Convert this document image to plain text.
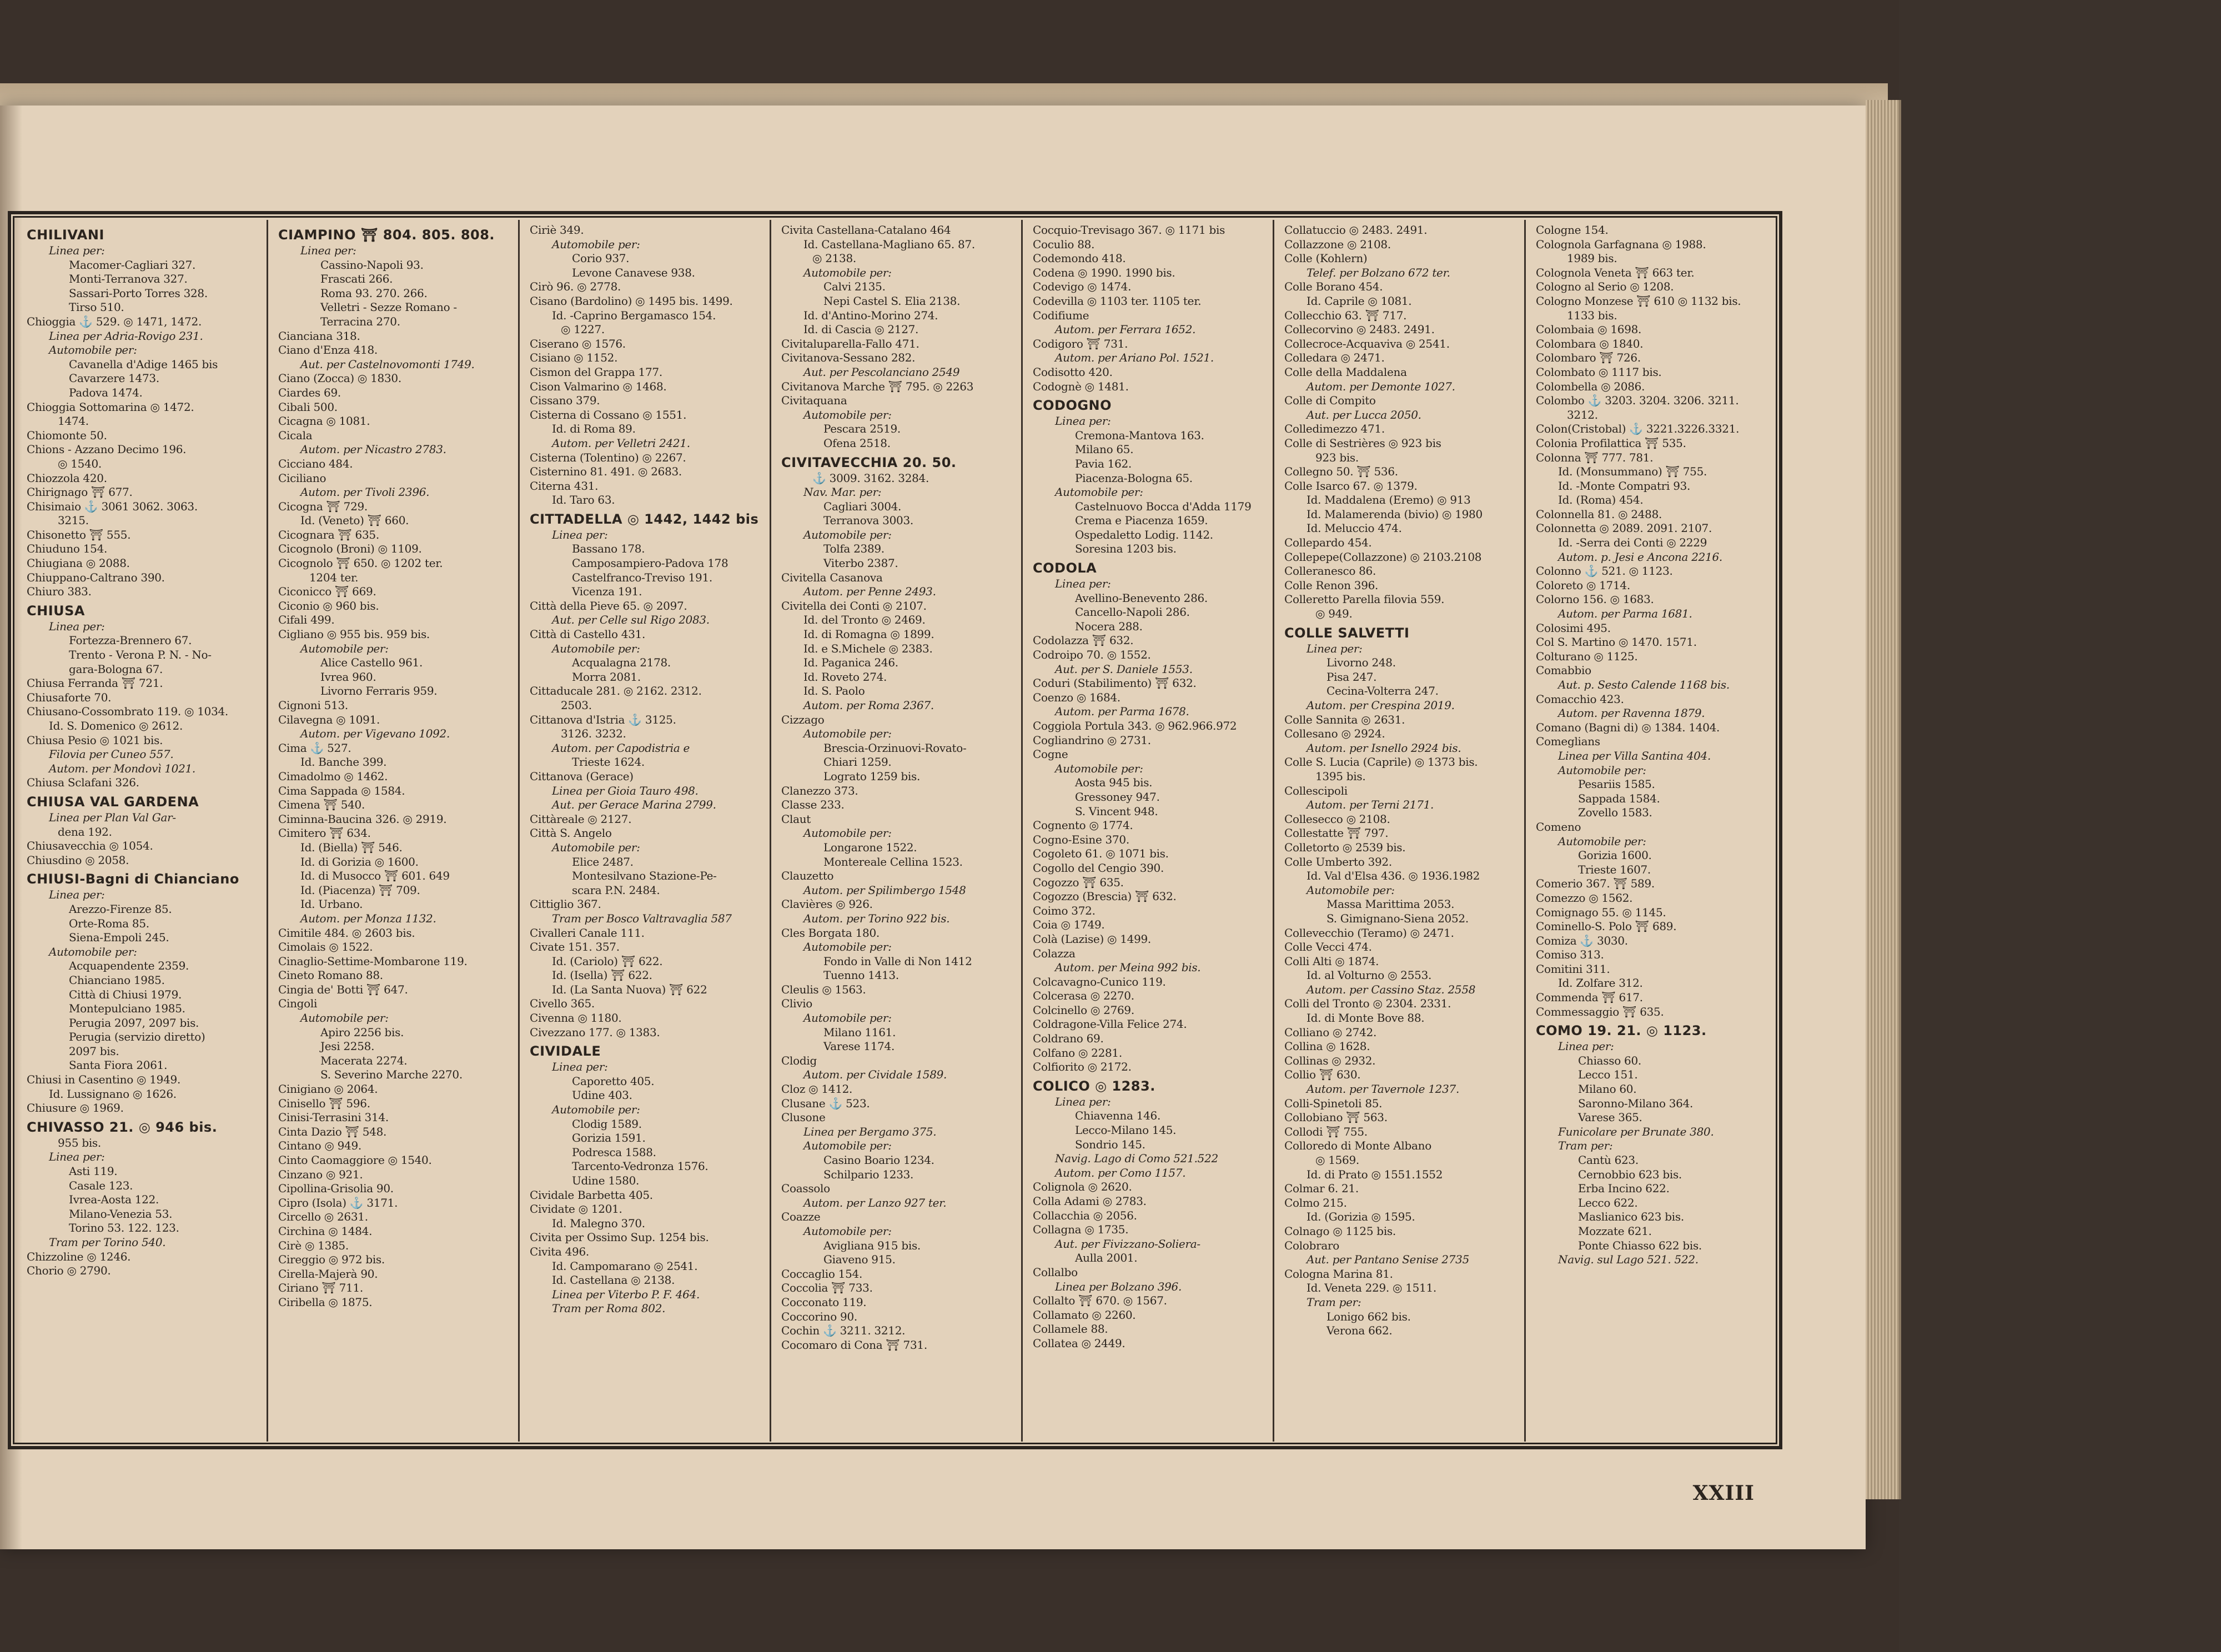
CHILIVANI
Linea per:
Macomer-Cagliari 327.
Monti-Terranova 327.
Sassari-Porto Torres 328.
Tirso 510.
Chioggia ⚓ 529. ◎ 1471, 1472.
Linea per Adria-Rovigo 231.
Automobile per:
Cavanella d'Adige 1465 bis
Cavarzere 1473.
Padova 1474.
Chioggia Sottomarina ◎ 1472.
1474.
Chiomonte 50.
Chions - Azzano Decimo 196.
◎ 1540.
Chiozzola 420.
Chirignago ⛩ 677.
Chisimaio ⚓ 3061 3062. 3063.
3215.
Chisonetto ⛩ 555.
Chiuduno 154.
Chiugiana ◎ 2088.
Chiuppano-Caltrano 390.
Chiuro 383.
CHIUSA
Linea per:
Fortezza-Brennero 67.
Trento - Verona P. N. - No-
gara-Bologna 67.
Chiusa Ferranda ⛩ 721.
Chiusaforte 70.
Chiusano-Cossombrato 119. ◎ 1034.
Id. S. Domenico ◎ 2612.
Chiusa Pesio ◎ 1021 bis.
Filovia per Cuneo 557.
Autom. per Mondovì 1021.
Chiusa Sclafani 326.
CHIUSA VAL GARDENA
Linea per Plan Val Gar-
dena 192.
Chiusavecchia ◎ 1054.
Chiusdino ◎ 2058.
CHIUSI-Bagni di Chianciano
Linea per:
Arezzo-Firenze 85.
Orte-Roma 85.
Siena-Empoli 245.
Automobile per:
Acquapendente 2359.
Chianciano 1985.
Città di Chiusi 1979.
Montepulciano 1985.
Perugia 2097, 2097 bis.
Perugia (servizio diretto)
2097 bis.
Santa Fiora 2061.
Chiusi in Casentino ◎ 1949.
Id. Lussignano ◎ 1626.
Chiusure ◎ 1969.
CHIVASSO 21. ◎ 946 bis.
955 bis.
Linea per:
Asti 119.
Casale 123.
Ivrea-Aosta 122.
Milano-Venezia 53.
Torino 53. 122. 123.
Tram per Torino 540.
Chizzoline ◎ 1246.
Chorio ◎ 2790.
CIAMPINO ⛩ 804. 805. 808.
Linea per:
Cassino-Napoli 93.
Frascati 266.
Roma 93. 270. 266.
Velletri - Sezze Romano -
Terracina 270.
Cianciana 318.
Ciano d'Enza 418.
Aut. per Castelnovomonti 1749.
Ciano (Zocca) ◎ 1830.
Ciardes 69.
Cibali 500.
Cicagna ◎ 1081.
Cicala
Autom. per Nicastro 2783.
Cicciano 484.
Ciciliano
Autom. per Tivoli 2396.
Cicogna ⛩ 729.
Id. (Veneto) ⛩ 660.
Cicognara ⛩ 635.
Cicognolo (Broni) ◎ 1109.
Cicognolo ⛩ 650. ◎ 1202 ter.
1204 ter.
Ciconicco ⛩ 669.
Ciconio ◎ 960 bis.
Cifali 499.
Cigliano ◎ 955 bis. 959 bis.
Automobile per:
Alice Castello 961.
Ivrea 960.
Livorno Ferraris 959.
Cignoni 513.
Cilavegna ◎ 1091.
Autom. per Vigevano 1092.
Cima ⚓ 527.
Id. Banche 399.
Cimadolmo ◎ 1462.
Cima Sappada ◎ 1584.
Cimena ⛩ 540.
Ciminna-Baucina 326. ◎ 2919.
Cimitero ⛩ 634.
Id. (Biella) ⛩ 546.
Id. di Gorizia ◎ 1600.
Id. di Musocco ⛩ 601. 649
Id. (Piacenza) ⛩ 709.
Id. Urbano.
Autom. per Monza 1132.
Cimitile 484. ◎ 2603 bis.
Cimolais ◎ 1522.
Cinaglio-Settime-Mombarone 119.
Cineto Romano 88.
Cingia de' Botti ⛩ 647.
Cingoli
Automobile per:
Apiro 2256 bis.
Jesi 2258.
Macerata 2274.
S. Severino Marche 2270.
Cinigiano ◎ 2064.
Cinisello ⛩ 596.
Cinisi-Terrasini 314.
Cinta Dazio ⛩ 548.
Cintano ◎ 949.
Cinto Caomaggiore ◎ 1540.
Cinzano ◎ 921.
Cipollina-Grisolia 90.
Cipro (Isola) ⚓ 3171.
Circello ◎ 2631.
Circhina ◎ 1484.
Cirè ◎ 1385.
Cireggio ◎ 972 bis.
Cirella-Majerà 90.
Ciriano ⛩ 711.
Ciribella ◎ 1875.
Ciriè 349.
Automobile per:
Corio 937.
Levone Canavese 938.
Cirò 96. ◎ 2778.
Cisano (Bardolino) ◎ 1495 bis. 1499.
Id. -Caprino Bergamasco 154.
◎ 1227.
Ciserano ◎ 1576.
Cisiano ◎ 1152.
Cismon del Grappa 177.
Cison Valmarino ◎ 1468.
Cissano 379.
Cisterna di Cossano ◎ 1551.
Id. di Roma 89.
Autom. per Velletri 2421.
Cisterna (Tolentino) ◎ 2267.
Cisternino 81. 491. ◎ 2683.
Citerna 431.
Id. Taro 63.
CITTADELLA ◎ 1442, 1442 bis
Linea per:
Bassano 178.
Camposampiero-Padova 178
Castelfranco-Treviso 191.
Vicenza 191.
Città della Pieve 65. ◎ 2097.
Aut. per Celle sul Rigo 2083.
Città di Castello 431.
Automobile per:
Acqualagna 2178.
Morra 2081.
Cittaducale 281. ◎ 2162. 2312.
2503.
Cittanova d'Istria ⚓ 3125.
3126. 3232.
Autom. per Capodistria e
Trieste 1624.
Cittanova (Gerace)
Linea per Gioia Tauro 498.
Aut. per Gerace Marina 2799.
Cittàreale ◎ 2127.
Città S. Angelo
Automobile per:
Elice 2487.
Montesilvano Stazione-Pe-
scara P.N. 2484.
Cittiglio 367.
Tram per Bosco Valtravaglia 587
Civalleri Canale 111.
Civate 151. 357.
Id. (Cariolo) ⛩ 622.
Id. (Isella) ⛩ 622.
Id. (La Santa Nuova) ⛩ 622
Civello 365.
Civenna ◎ 1180.
Civezzano 177. ◎ 1383.
CIVIDALE
Linea per:
Caporetto 405.
Udine 403.
Automobile per:
Clodig 1589.
Gorizia 1591.
Podresca 1588.
Tarcento-Vedronza 1576.
Udine 1580.
Cividale Barbetta 405.
Cividate ◎ 1201.
Id. Malegno 370.
Civita per Ossimo Sup. 1254 bis.
Civita 496.
Id. Campomarano ◎ 2541.
Id. Castellana ◎ 2138.
Linea per Viterbo P. F. 464.
Tram per Roma 802.
Civita Castellana-Catalano 464
Id. Castellana-Magliano 65. 87.
◎ 2138.
Automobile per:
Calvi 2135.
Nepi Castel S. Elia 2138.
Id. d'Antino-Morino 274.
Id. di Cascia ◎ 2127.
Civitaluparella-Fallo 471.
Civitanova-Sessano 282.
Aut. per Pescolanciano 2549
Civitanova Marche ⛩ 795. ◎ 2263
Civitaquana
Automobile per:
Pescara 2519.
Ofena 2518.
CIVITAVECCHIA 20. 50.
⚓ 3009. 3162. 3284.
Nav. Mar. per:
Cagliari 3004.
Terranova 3003.
Automobile per:
Tolfa 2389.
Viterbo 2387.
Civitella Casanova
Autom. per Penne 2493.
Civitella dei Conti ◎ 2107.
Id. del Tronto ◎ 2469.
Id. di Romagna ◎ 1899.
Id. e S.Michele ◎ 2383.
Id. Paganica 246.
Id. Roveto 274.
Id. S. Paolo
Autom. per Roma 2367.
Cizzago
Automobile per:
Brescia-Orzinuovi-Rovato-
Chiari 1259.
Lograto 1259 bis.
Clanezzo 373.
Classe 233.
Claut
Automobile per:
Longarone 1522.
Montereale Cellina 1523.
Clauzetto
Autom. per Spilimbergo 1548
Clavières ◎ 926.
Autom. per Torino 922 bis.
Cles Borgata 180.
Automobile per:
Fondo in Valle di Non 1412
Tuenno 1413.
Cleulis ◎ 1563.
Clivio
Automobile per:
Milano 1161.
Varese 1174.
Clodig
Autom. per Cividale 1589.
Cloz ◎ 1412.
Clusane ⚓ 523.
Clusone
Linea per Bergamo 375.
Automobile per:
Casino Boario 1234.
Schilpario 1233.
Coassolo
Autom. per Lanzo 927 ter.
Coazze
Automobile per:
Avigliana 915 bis.
Giaveno 915.
Coccaglio 154.
Coccolia ⛩ 733.
Cocconato 119.
Coccorino 90.
Cochin ⚓ 3211. 3212.
Cocomaro di Cona ⛩ 731.
Cocquio-Trevisago 367. ◎ 1171 bis
Coculio 88.
Codemondo 418.
Codena ◎ 1990. 1990 bis.
Codevigo ◎ 1474.
Codevilla ◎ 1103 ter. 1105 ter.
Codifiume
Autom. per Ferrara 1652.
Codigoro ⛩ 731.
Autom. per Ariano Pol. 1521.
Codisotto 420.
Codognè ◎ 1481.
CODOGNO
Linea per:
Cremona-Mantova 163.
Milano 65.
Pavia 162.
Piacenza-Bologna 65.
Automobile per:
Castelnuovo Bocca d'Adda 1179
Crema e Piacenza 1659.
Ospedaletto Lodig. 1142.
Soresina 1203 bis.
CODOLA
Linea per:
Avellino-Benevento 286.
Cancello-Napoli 286.
Nocera 288.
Codolazza ⛩ 632.
Codroipo 70. ◎ 1552.
Aut. per S. Daniele 1553.
Coduri (Stabilimento) ⛩ 632.
Coenzo ◎ 1684.
Autom. per Parma 1678.
Coggiola Portula 343. ◎ 962.966.972
Cogliandrino ◎ 2731.
Cogne
Automobile per:
Aosta 945 bis.
Gressoney 947.
S. Vincent 948.
Cognento ◎ 1774.
Cogno-Esine 370.
Cogoleto 61. ◎ 1071 bis.
Cogollo del Cengio 390.
Cogozzo ⛩ 635.
Cogozzo (Brescia) ⛩ 632.
Coimo 372.
Coia ◎ 1749.
Colà (Lazise) ◎ 1499.
Colazza
Autom. per Meina 992 bis.
Colcavagno-Cunico 119.
Colcerasa ◎ 2270.
Colcinello ◎ 2769.
Coldragone-Villa Felice 274.
Coldrano 69.
Colfano ◎ 2281.
Colfiorito ◎ 2172.
COLICO ◎ 1283.
Linea per:
Chiavenna 146.
Lecco-Milano 145.
Sondrio 145.
Navig. Lago di Como 521.522
Autom. per Como 1157.
Colignola ◎ 2620.
Colla Adami ◎ 2783.
Collacchia ◎ 2056.
Collagna ◎ 1735.
Aut. per Fivizzano-Soliera-
Aulla 2001.
Collalbo
Linea per Bolzano 396.
Collalto ⛩ 670. ◎ 1567.
Collamato ◎ 2260.
Collamele 88.
Collatea ◎ 2449.
Collatuccio ◎ 2483. 2491.
Collazzone ◎ 2108.
Colle (Kohlern)
Telef. per Bolzano 672 ter.
Colle Borano 454.
Id. Caprile ◎ 1081.
Collecchio 63. ⛩ 717.
Collecorvino ◎ 2483. 2491.
Collecroce-Acquaviva ◎ 2541.
Colledara ◎ 2471.
Colle della Maddalena
Autom. per Demonte 1027.
Colle di Compito
Aut. per Lucca 2050.
Colledimezzo 471.
Colle di Sestrières ◎ 923 bis
923 bis.
Collegno 50. ⛩ 536.
Colle Isarco 67. ◎ 1379.
Id. Maddalena (Eremo) ◎ 913
Id. Malamerenda (bivio) ◎ 1980
Id. Meluccio 474.
Collepardo 454.
Collepepe(Collazzone) ◎ 2103.2108
Colleranesco 86.
Colle Renon 396.
Colleretto Parella filovia 559.
◎ 949.
COLLE SALVETTI
Linea per:
Livorno 248.
Pisa 247.
Cecina-Volterra 247.
Autom. per Crespina 2019.
Colle Sannita ◎ 2631.
Collesano ◎ 2924.
Autom. per Isnello 2924 bis.
Colle S. Lucia (Caprile) ◎ 1373 bis.
1395 bis.
Collescipoli
Autom. per Terni 2171.
Collesecco ◎ 2108.
Collestatte ⛩ 797.
Colletorto ◎ 2539 bis.
Colle Umberto 392.
Id. Val d'Elsa 436. ◎ 1936.1982
Automobile per:
Massa Marittima 2053.
S. Gimignano-Siena 2052.
Collevecchio (Teramo) ◎ 2471.
Colle Vecci 474.
Colli Alti ◎ 1874.
Id. al Volturno ◎ 2553.
Autom. per Cassino Staz. 2558
Colli del Tronto ◎ 2304. 2331.
Id. di Monte Bove 88.
Colliano ◎ 2742.
Collina ◎ 1628.
Collinas ◎ 2932.
Collio ⛩ 630.
Autom. per Tavernole 1237.
Colli-Spinetoli 85.
Collobiano ⛩ 563.
Collodi ⛩ 755.
Colloredo di Monte Albano
◎ 1569.
Id. di Prato ◎ 1551.1552
Colmar 6. 21.
Colmo 215.
Id. (Gorizia ◎ 1595.
Colnago ◎ 1125 bis.
Colobraro
Aut. per Pantano Senise 2735
Cologna Marina 81.
Id. Veneta 229. ◎ 1511.
Tram per:
Lonigo 662 bis.
Verona 662.
Cologne 154.
Colognola Garfagnana ◎ 1988.
1989 bis.
Colognola Veneta ⛩ 663 ter.
Cologno al Serio ◎ 1208.
Cologno Monzese ⛩ 610 ◎ 1132 bis.
1133 bis.
Colombaia ◎ 1698.
Colombara ◎ 1840.
Colombaro ⛩ 726.
Colombato ◎ 1117 bis.
Colombella ◎ 2086.
Colombo ⚓ 3203. 3204. 3206. 3211.
3212.
Colon(Cristobal) ⚓ 3221.3226.3321.
Colonia Profilattica ⛩ 535.
Colonna ⛩ 777. 781.
Id. (Monsummano) ⛩ 755.
Id. -Monte Compatri 93.
Id. (Roma) 454.
Colonnella 81. ◎ 2488.
Colonnetta ◎ 2089. 2091. 2107.
Id. -Serra dei Conti ◎ 2229
Autom. p. Jesi e Ancona 2216.
Colonno ⚓ 521. ◎ 1123.
Coloreto ◎ 1714.
Colorno 156. ◎ 1683.
Autom. per Parma 1681.
Colosimi 495.
Col S. Martino ◎ 1470. 1571.
Colturano ◎ 1125.
Comabbio
Aut. p. Sesto Calende 1168 bis.
Comacchio 423.
Autom. per Ravenna 1879.
Comano (Bagni di) ◎ 1384. 1404.
Comeglians
Linea per Villa Santina 404.
Automobile per:
Pesariis 1585.
Sappada 1584.
Zovello 1583.
Comeno
Automobile per:
Gorizia 1600.
Trieste 1607.
Comerio 367. ⛩ 589.
Comezzo ◎ 1562.
Comignago 55. ◎ 1145.
Cominello-S. Polo ⛩ 689.
Comiza ⚓ 3030.
Comiso 313.
Comitini 311.
Id. Zolfare 312.
Commenda ⛩ 617.
Commessaggio ⛩ 635.
COMO 19. 21. ◎ 1123.
Linea per:
Chiasso 60.
Lecco 151.
Milano 60.
Saronno-Milano 364.
Varese 365.
Funicolare per Brunate 380.
Tram per:
Cantù 623.
Cernobbio 623 bis.
Erba Incino 622.
Lecco 622.
Maslianico 623 bis.
Mozzate 621.
Ponte Chiasso 622 bis.
Navig. sul Lago 521. 522.
XXIII
